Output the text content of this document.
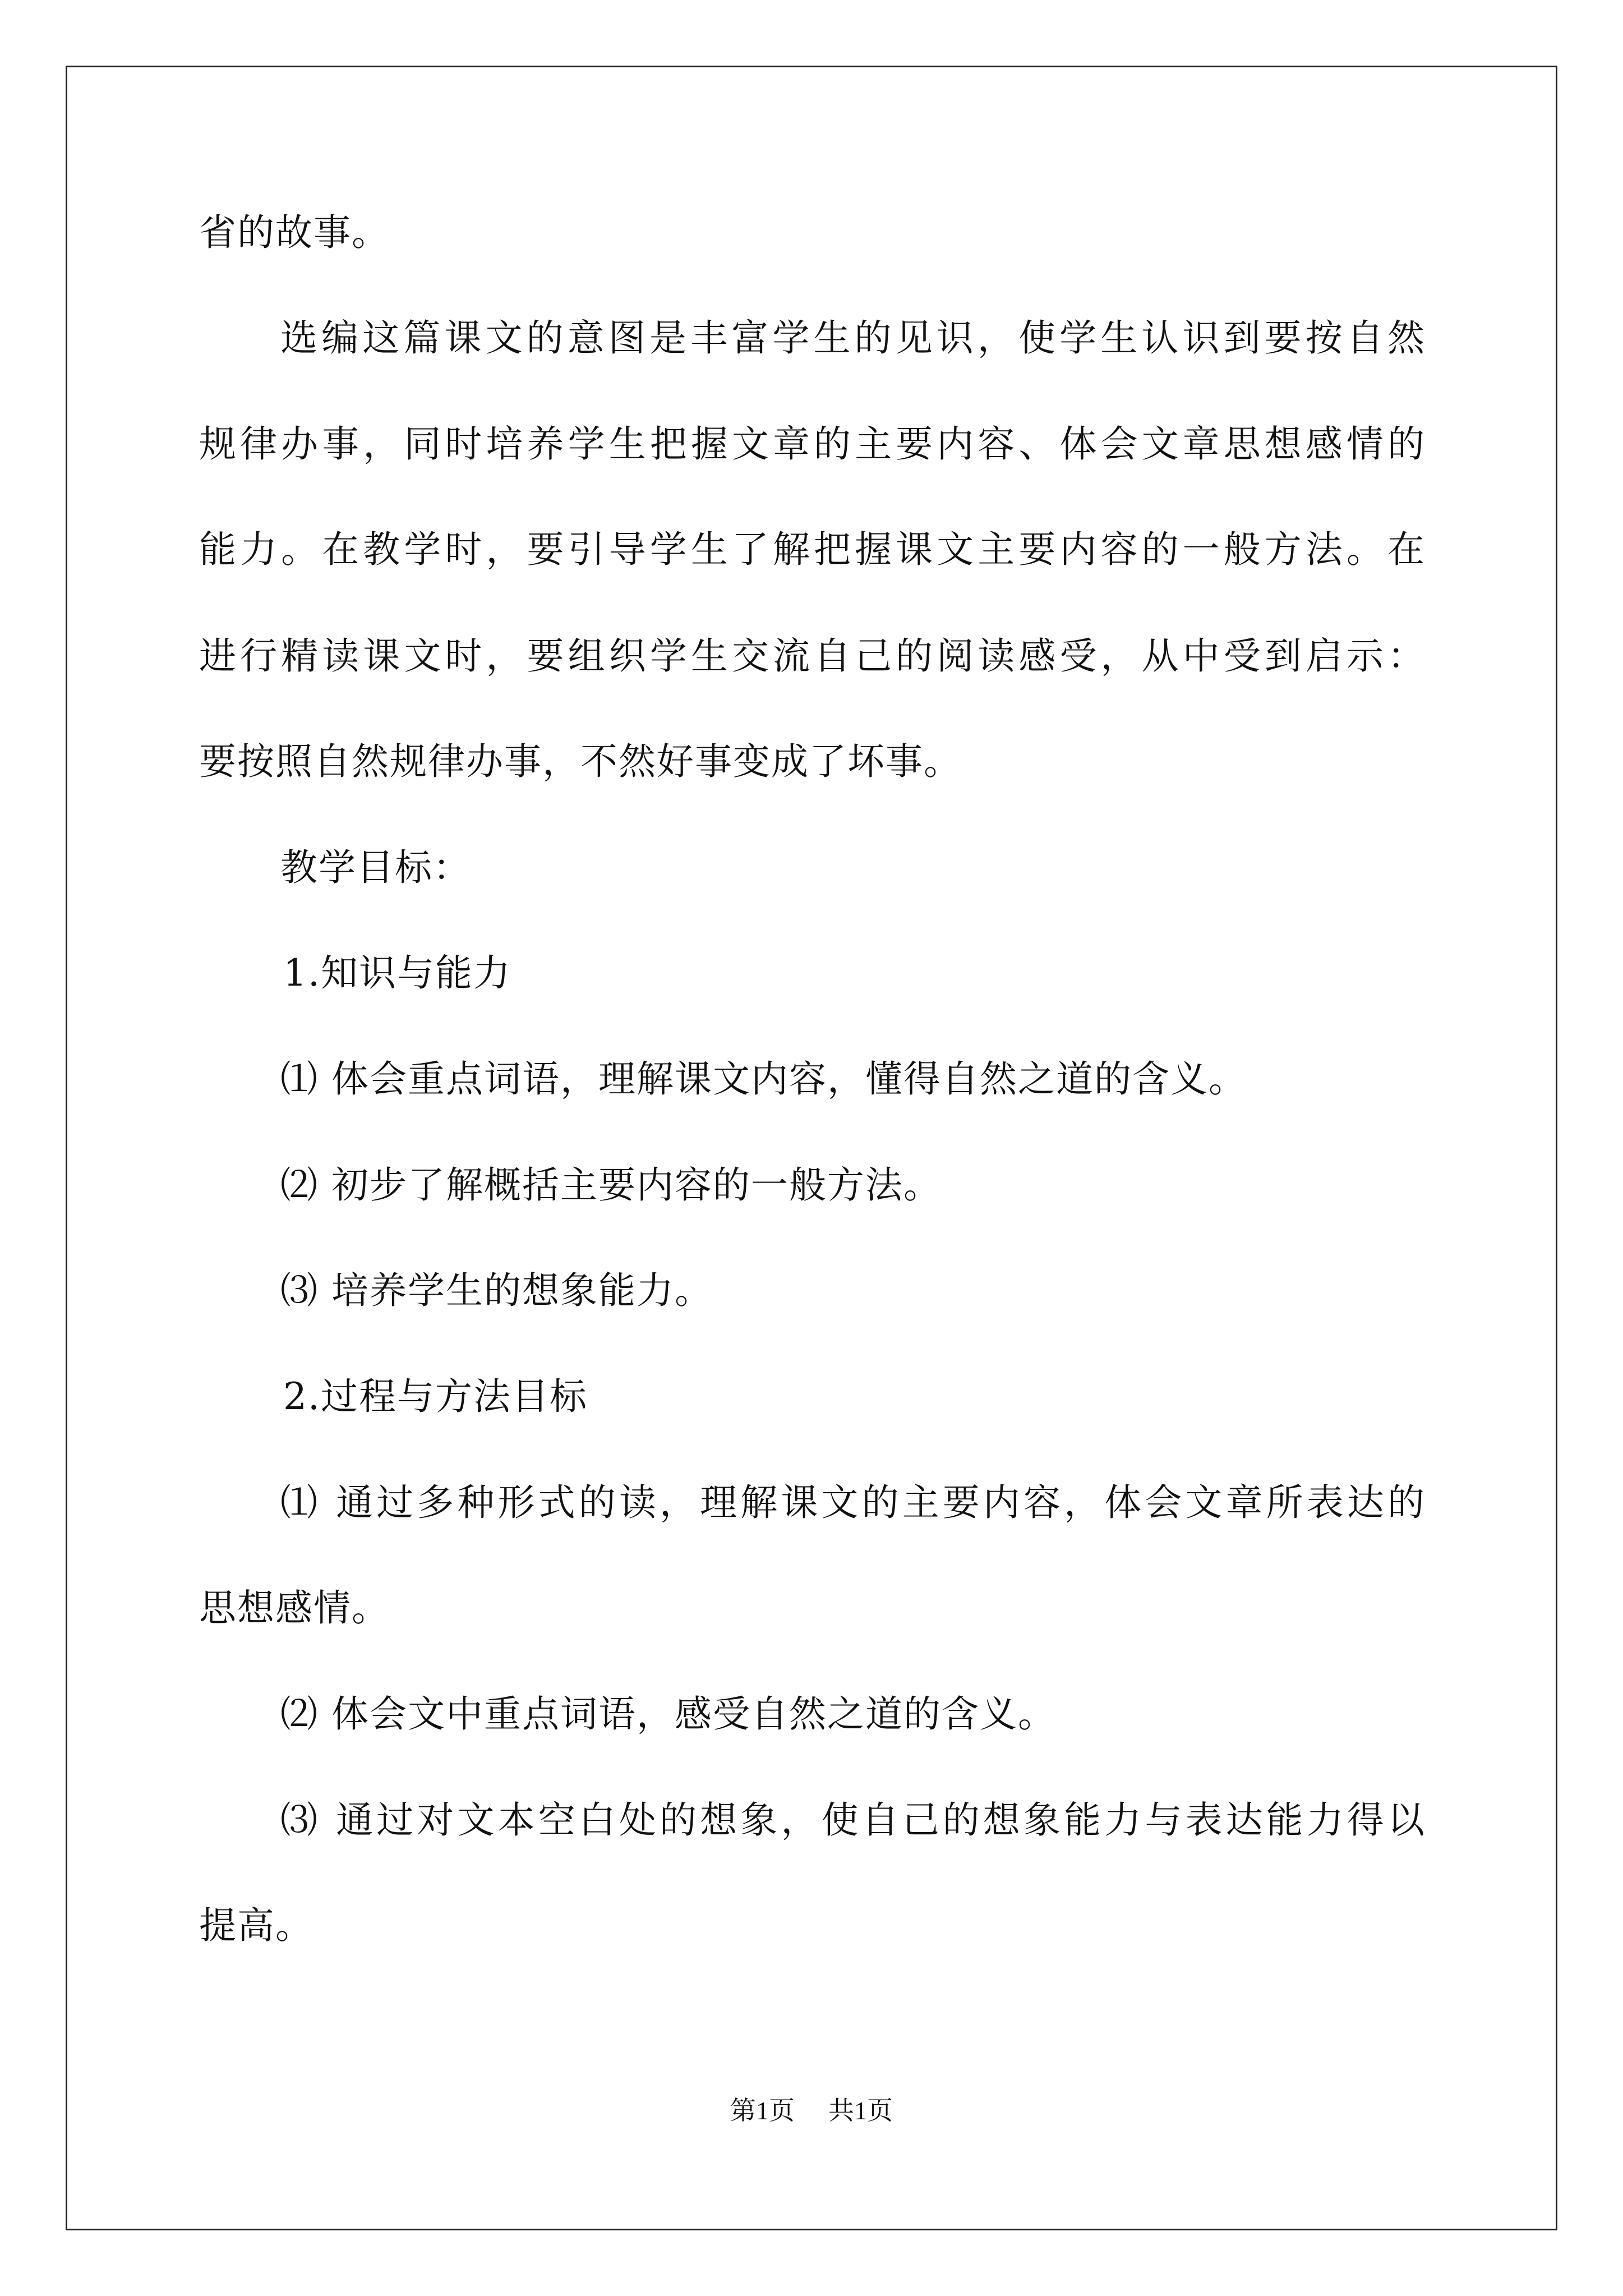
省的故事。
选编这篇课文的意图是丰富学生的见识，使学生认识到要按自然
规律办事，同时培养学生把握文章的主要内容、体会文章思想感情的
能力。在教学时，要引导学生了解把握课文主要内容的一般方法。在
进行精读课文时，要组织学生交流自己的阅读感受，从中受到启示：
要按照自然规律办事，不然好事变成了坏事。
教学目标：
1.知识与能力
⑴ 体会重点词语，理解课文内容，懂得自然之道的含义。
⑵ 初步了解概括主要内容的一般方法。
⑶ 培养学生的想象能力。
2.过程与方法目标
⑴ 通过多种形式的读，理解课文的主要内容，体会文章所表达的
思想感情。
⑵ 体会文中重点词语，感受自然之道的含义。
⑶ 通过对文本空白处的想象，使自己的想象能力与表达能力得以
提高。
第1页 共1页
